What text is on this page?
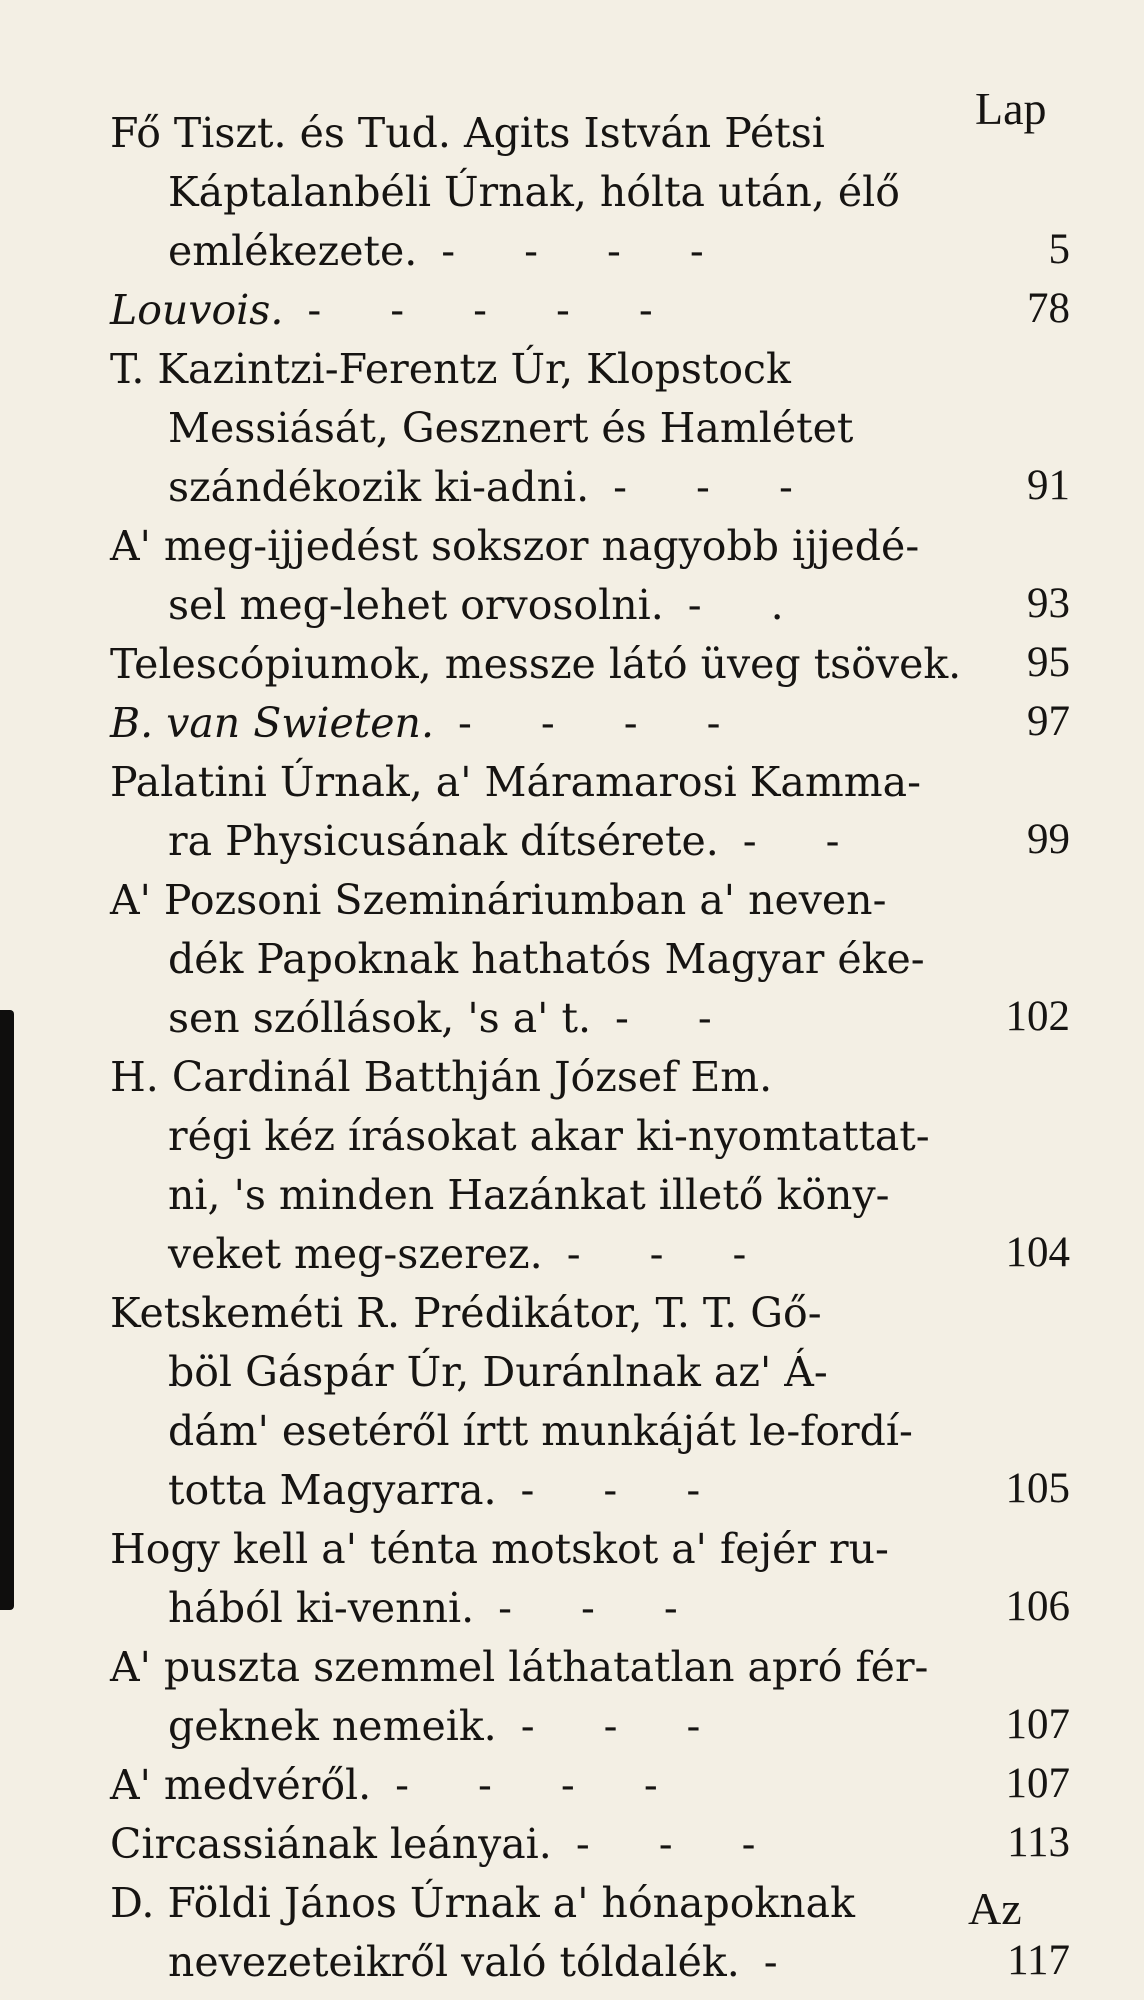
Lap
Fő Tiszt. és Tud. Agits István Pétsi
Káptalanbéli Úrnak, hólta után, élő
emlékezete. - - - -	5
Louvois. - - - - -	78
T. Kazintzi-Ferentz Úr, Klopstock
Messiását, Gesznert és Hamlétet
szándékozik ki-adni. - - -	91
A' meg-ijjedést sokszor nagyobb ijjedé-
sel meg-lehet orvosolni. - .	93
Telescópiumok, messze látó üveg tsövek.	95
B. van Swieten. - - - -	97
Palatini Úrnak, a' Máramarosi Kamma-
ra Physicusának dítsérete. - -	99
A' Pozsoni Szemináriumban a' neven-
dék Papoknak hathatós Magyar éke-
sen szóllások, 's a' t. - -	102
H. Cardinál Batthján József Em.
régi kéz írásokat akar ki-nyomtattat-
ni, 's minden Hazánkat illető köny-
veket meg-szerez. - - -	104
Ketskeméti R. Prédikátor, T. T. Gő-
böl Gáspár Úr, Duránlnak az' Á-
dám' esetéről írtt munkáját le-fordí-
totta Magyarra. - - -	105
Hogy kell a' ténta motskot a' fejér ru-
hából ki-venni. - - -	106
A' puszta szemmel láthatatlan apró fér-
geknek nemeik. - - -	107
A' medvéről. - - - -	107
Circassiának leányai. - - -	113
D. Földi János Úrnak a' hónapoknak
nevezeteikről való tóldalék. -	117
Az
